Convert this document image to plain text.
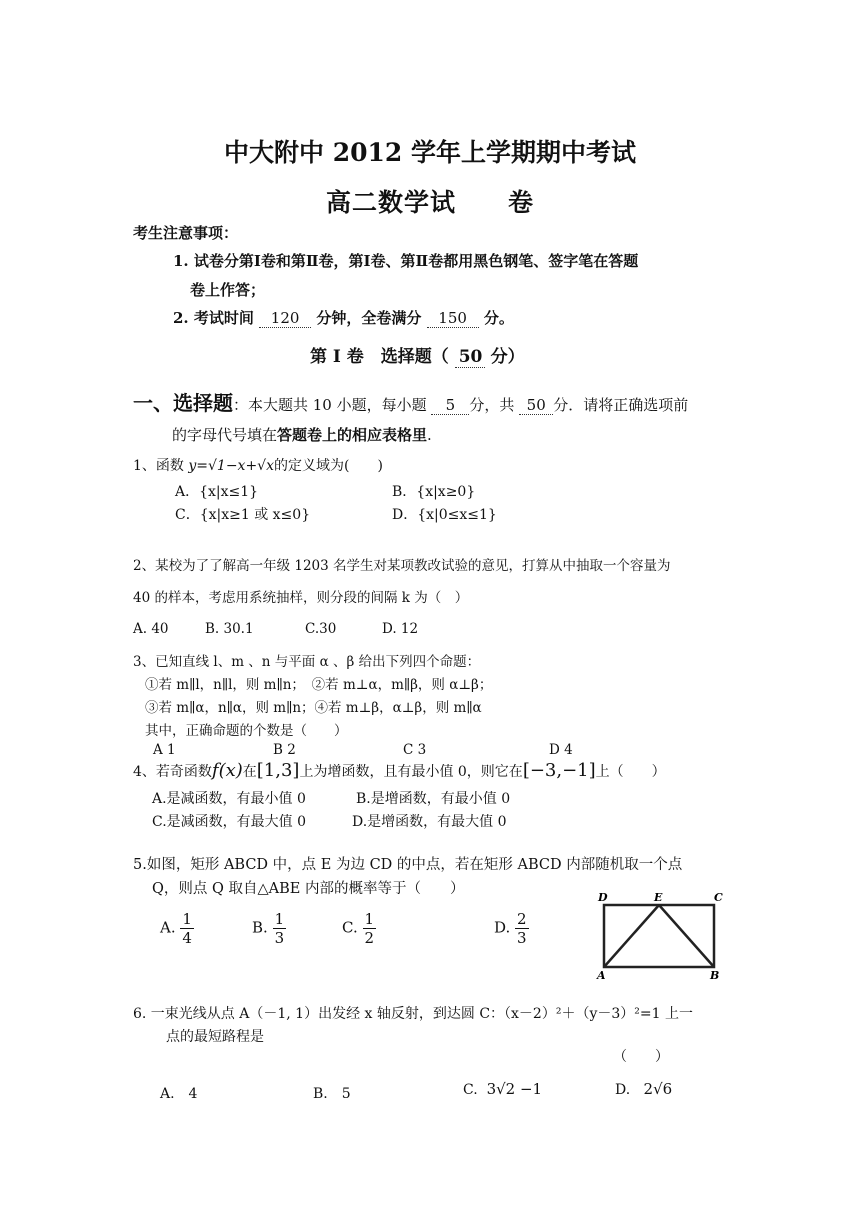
中大附中 2012 学年上学期期中考试
高二数学试　　卷
考生注意事项：
1. 试卷分第Ⅰ卷和第Ⅱ卷，第Ⅰ卷、第Ⅱ卷都用黑色钢笔、签字笔在答题
卷上作答；
2. 考试时间 120 分钟，全卷满分 150 分。
第 Ⅰ 卷　选择题（ 50 分）
一、选择题：本大题共 10 小题，每小题 5 分，共 50 分．请将正确选项前
的字母代号填在答题卷上的相应表格里.
1、函数 y=√1−x+√x的定义域为(　　)
A．{x|x≤1}	B．{x|x≥0}
C．{x|x≥1 或 x≤0}	D．{x|0≤x≤1}
2、某校为了了解高一年级 1203 名学生对某项教改试验的意见，打算从中抽取一个容量为
40 的样本，考虑用系统抽样，则分段的间隔 k 为（　）
A. 40	B. 30.1	C.30	D. 12
3、已知直线 l、m 、n 与平面 α 、β 给出下列四个命题：
①若 m∥l，n∥l，则 m∥n；　②若 m⊥α，m∥β，则 α⊥β；
③若 m∥α，n∥α，则 m∥n；④若 m⊥β，α⊥β，则 m∥α
其中，正确命题的个数是（　　）
A 1	B 2	C 3	D 4
4、若奇函数f(x)在[1,3]上为增函数，且有最小值 0，则它在[−3,−1]上（　　）
A.是减函数，有最小值 0	B.是增函数，有最小值 0
C.是减函数，有最大值 0	D.是增函数，有最大值 0
5.如图，矩形 ABCD 中，点 E 为边 CD 的中点，若在矩形 ABCD 内部随机取一个点
Q，则点 Q 取自△ABE 内部的概率等于（　　）
A. $\frac{1}{4}$	B. $\frac{1}{3}$	C. $\frac{1}{2}$	D. $\frac{2}{3}$
D	E	C
A	B
6. 一束光线从点 A（－1, 1）出发经 x 轴反射，到达圆 C：（x－2）²＋（y－3）²=1 上一
点的最短路程是
（　　）
A.　4	B.　5	C. 3√2 −1	D. 2√6
